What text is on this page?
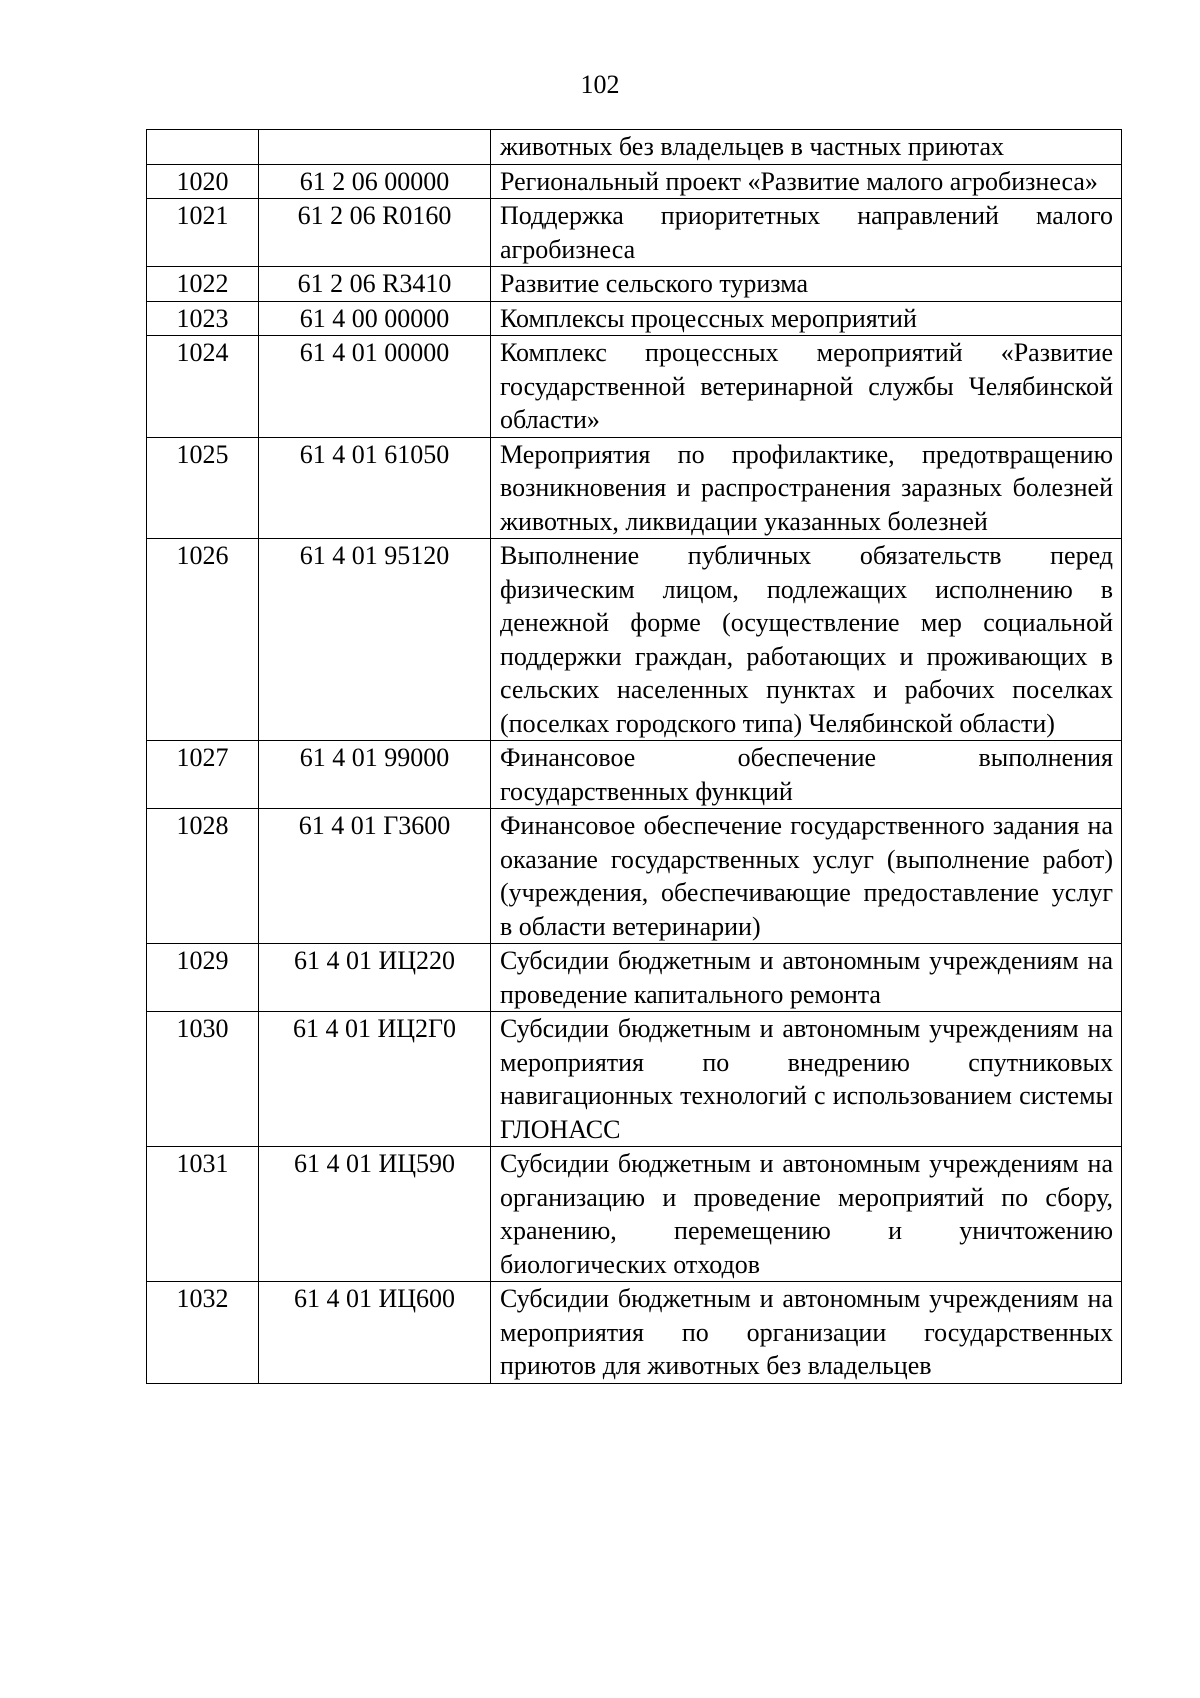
102
		животных без владельцев в частных приютах
1020	61 2 06 00000	Региональный проект «Развитие малого агробизнеса»
1021	61 2 06 R0160	Поддержка приоритетных направлений малого агробизнеса
1022	61 2 06 R3410	Развитие сельского туризма
1023	61 4 00 00000	Комплексы процессных мероприятий
1024	61 4 01 00000	Комплекс процессных мероприятий «Развитие государственной ветеринарной службы Челябинской области»
1025	61 4 01 61050	Мероприятия по профилактике, предотвращению возникновения и распространения заразных болезней животных, ликвидации указанных болезней
1026	61 4 01 95120	Выполнение публичных обязательств перед физическим лицом, подлежащих исполнению в денежной форме (осуществление мер социальной поддержки граждан, работающих и проживающих в сельских населенных пунктах и рабочих поселках (поселках городского типа) Челябинской области)
1027	61 4 01 99000	Финансовое обеспечение выполнения государственных функций
1028	61 4 01 Г3600	Финансовое обеспечение государственного задания на оказание государственных услуг (выполнение работ) (учреждения, обеспечивающие предоставление услуг в области ветеринарии)
1029	61 4 01 ИЦ220	Субсидии бюджетным и автономным учреждениям на проведение капитального ремонта
1030	61 4 01 ИЦ2Г0	Субсидии бюджетным и автономным учреждениям на мероприятия по внедрению спутниковых навигационных технологий с использованием системы ГЛОНАСС
1031	61 4 01 ИЦ590	Субсидии бюджетным и автономным учреждениям на организацию и проведение мероприятий по сбору, хранению, перемещению и уничтожению биологических отходов
1032	61 4 01 ИЦ600	Субсидии бюджетным и автономным учреждениям на мероприятия по организации государственных приютов для животных без владельцев
